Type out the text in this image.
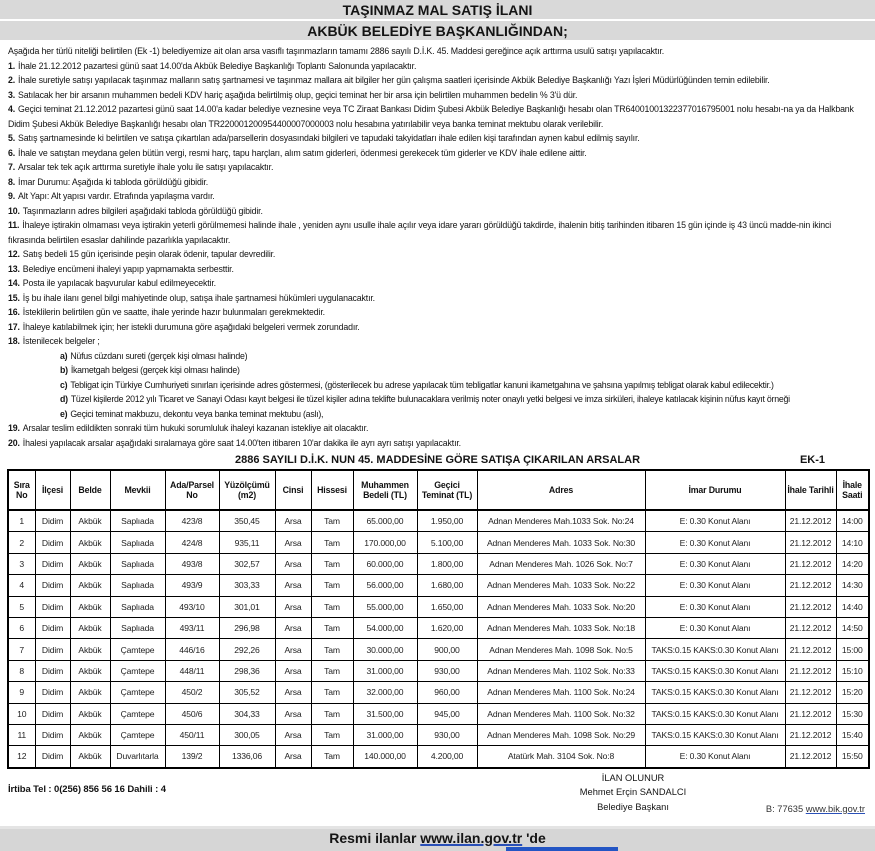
TAŞINMAZ MAL SATIŞ İLANI
AKBÜK BELEDİYE BAŞKANLIĞINDAN;
Aşağıda her türlü niteliği belirtilen (Ek -1) belediyemize ait olan arsa vasıflı taşınmazların tamamı 2886 sayılı D.İ.K. 45. Maddesi gereğince açık arttırma usulü satışı yapılacaktır.
1. İhale 21.12.2012 pazartesi günü saat 14.00'da Akbük Belediye Başkanlığı Toplantı Salonunda yapılacaktır.
2. İhale suretiyle satışı yapılacak taşınmaz malların satış şartnamesi ve taşınmaz mallara ait bilgiler her gün çalışma saatleri içerisinde Akbük Belediye Başkanlığı Yazı İşleri Müdürlüğünden temin edilebilir.
3. Satılacak her bir arsanın muhammen bedeli KDV hariç aşağıda belirtilmiş olup, geçici teminat her bir arsa için belirtilen muhammen bedelin % 3'ü dür.
4. Geçici teminat 21.12.2012 pazartesi günü saat 14.00'a kadar belediye veznesine veya TC Ziraat Bankası Didim Şubesi Akbük Belediye Başkanlığı hesabı olan TR64001001322377016795001 nolu hesabı-na ya da Halkbank Didim Şubesi Akbük Belediye Başkanlığı hesabı olan TR220001200954400007000003 nolu hesabına yatırılabilir veya banka teminat mektubu olarak verilebilir.
5. Satış şartnamesinde ki belirtilen ve satışa çıkartılan ada/parsellerin dosyasındaki bilgileri ve tapudaki takyidatları ihale edilen kişi tarafından aynen kabul edilmiş sayılır.
6. İhale ve satıştan meydana gelen bütün vergi, resmi harç, tapu harçları, alım satım giderleri, ödenmesi gerekecek tüm giderler ve KDV ihale edilene aittir.
7. Arsalar tek tek açık arttırma suretiyle ihale yolu ile satışı yapılacaktır.
8. İmar Durumu: Aşağıda ki tabloda görüldüğü gibidir.
9. Alt Yapı: Alt yapısı vardır. Etrafında yapılaşma vardır.
10. Taşınmazların adres bilgileri aşağıdaki tabloda görüldüğü gibidir.
11. İhaleye iştirakin olmaması veya iştirakin yeterli görülmemesi halinde ihale , yeniden aynı usulle ihale açılır veya idare yararı görüldüğü takdirde, ihalenin bitiş tarihinden itibaren 15 gün içinde iş 43 üncü madde-nin ikinci fıkrasında belirtilen esaslar dahilinde pazarlıkla yapılacaktır.
12. Satış bedeli 15 gün içerisinde peşin olarak ödenir, tapular devredilir.
13. Belediye encümeni ihaleyi yapıp yapmamakta serbesttir.
14. Posta ile yapılacak başvurular kabul edilmeyecektir.
15. İş bu ihale ilanı genel bilgi mahiyetinde olup, satışa ihale şartnamesi hükümleri uygulanacaktır.
16. İsteklilerin belirtilen gün ve saatte, ihale yerinde hazır bulunmaları gerekmektedir.
17. İhaleye katılabilmek için; her istekli durumuna göre aşağıdaki belgeleri vermek zorundadır.
18. İstenilecek belgeler ;
a) Nüfus cüzdanı sureti (gerçek kişi olması halinde)
b) İkametgah belgesi (gerçek kişi olması halinde)
c) Tebligat için Türkiye Cumhuriyeti sınırları içerisinde adres göstermesi, (gösterilecek bu adrese yapılacak tüm tebligatlar kanuni ikametgahına ve şahsına yapılmış tebligat olarak kabul edilecektir.)
d) Tüzel kişilerde 2012 yılı Ticaret ve Sanayi Odası kayıt belgesi ile tüzel kişiler adına teklifte bulunacaklara verilmiş noter onaylı yetki belgesi ve imza sirküleri, ihaleye katılacak kişinin nüfus kayıt örneği
e) Geçici teminat makbuzu, dekontu veya banka teminat mektubu (aslı),
19. Arsalar teslim edildikten sonraki tüm hukuki sorumluluk ihaleyi kazanan istekliye ait olacaktır.
20. İhalesi yapılacak arsalar aşağıdaki sıralamaya göre saat 14.00'ten itibaren 10'ar dakika ile ayrı ayrı satışı yapılacaktır.
2886 SAYILI D.İ.K. NUN 45. MADDESİNE GÖRE SATIŞA ÇIKARILAN ARSALAR	EK-1
Sıra No	İlçesi	Belde	Mevkii	Ada/Parsel No	Yüzölçümü (m2)	Cinsi	Hissesi	Muhammen Bedeli (TL)	Geçici Teminat (TL)	Adres	İmar Durumu	İhale Tarihli	İhale Saati
1	Didim	Akbük	Saplıada	423/8	350,45	Arsa	Tam	65.000,00	1.950,00	Adnan Menderes Mah.1033 Sok. No:24	E: 0.30 Konut Alanı	21.12.2012	14:00
2	Didim	Akbük	Saplıada	424/8	935,11	Arsa	Tam	170.000,00	5.100,00	Adnan Menderes Mah. 1033 Sok. No:30	E: 0.30 Konut Alanı	21.12.2012	14:10
3	Didim	Akbük	Saplıada	493/8	302,57	Arsa	Tam	60.000,00	1.800,00	Adnan Menderes Mah. 1026 Sok. No:7	E: 0.30 Konut Alanı	21.12.2012	14:20
4	Didim	Akbük	Saplıada	493/9	303,33	Arsa	Tam	56.000,00	1.680,00	Adnan Menderes Mah. 1033 Sok. No:22	E: 0.30 Konut Alanı	21.12.2012	14:30
5	Didim	Akbük	Saplıada	493/10	301,01	Arsa	Tam	55.000,00	1.650,00	Adnan Menderes Mah. 1033 Sok. No:20	E: 0.30 Konut Alanı	21.12.2012	14:40
6	Didim	Akbük	Saplıada	493/11	296,98	Arsa	Tam	54.000,00	1.620,00	Adnan Menderes Mah. 1033 Sok. No:18	E: 0.30 Konut Alanı	21.12.2012	14:50
7	Didim	Akbük	Çamtepe	446/16	292,26	Arsa	Tam	30.000,00	900,00	Adnan Menderes Mah. 1098 Sok. No:5	TAKS:0.15 KAKS:0.30 Konut Alanı	21.12.2012	15:00
8	Didim	Akbük	Çamtepe	448/11	298,36	Arsa	Tam	31.000,00	930,00	Adnan Menderes Mah. 1102 Sok. No:33	TAKS:0.15 KAKS:0.30 Konut Alanı	21.12.2012	15:10
9	Didim	Akbük	Çamtepe	450/2	305,52	Arsa	Tam	32.000,00	960,00	Adnan Menderes Mah. 1100 Sok. No:24	TAKS:0.15 KAKS:0.30 Konut Alanı	21.12.2012	15:20
10	Didim	Akbük	Çamtepe	450/6	304,33	Arsa	Tam	31.500,00	945,00	Adnan Menderes Mah. 1100 Sok. No:32	TAKS:0.15 KAKS:0.30 Konut Alanı	21.12.2012	15:30
11	Didim	Akbük	Çamtepe	450/11	300,05	Arsa	Tam	31.000,00	930,00	Adnan Menderes Mah. 1098 Sok. No:29	TAKS:0.15 KAKS:0.30 Konut Alanı	21.12.2012	15:40
12	Didim	Akbük	Duvarlıtarla	139/2	1336,06	Arsa	Tam	140.000,00	4.200,00	Atatürk Mah. 3104 Sok. No:8	E: 0.30 Konut Alanı	21.12.2012	15:50
İrtiba Tel : 0(256) 856 56 16 Dahili : 4
İLAN OLUNUR
Mehmet Erçin SANDALCI
Belediye Başkanı	B: 77635 www.bik.gov.tr
Resmi ilanlar www.ilan.gov.tr 'de
